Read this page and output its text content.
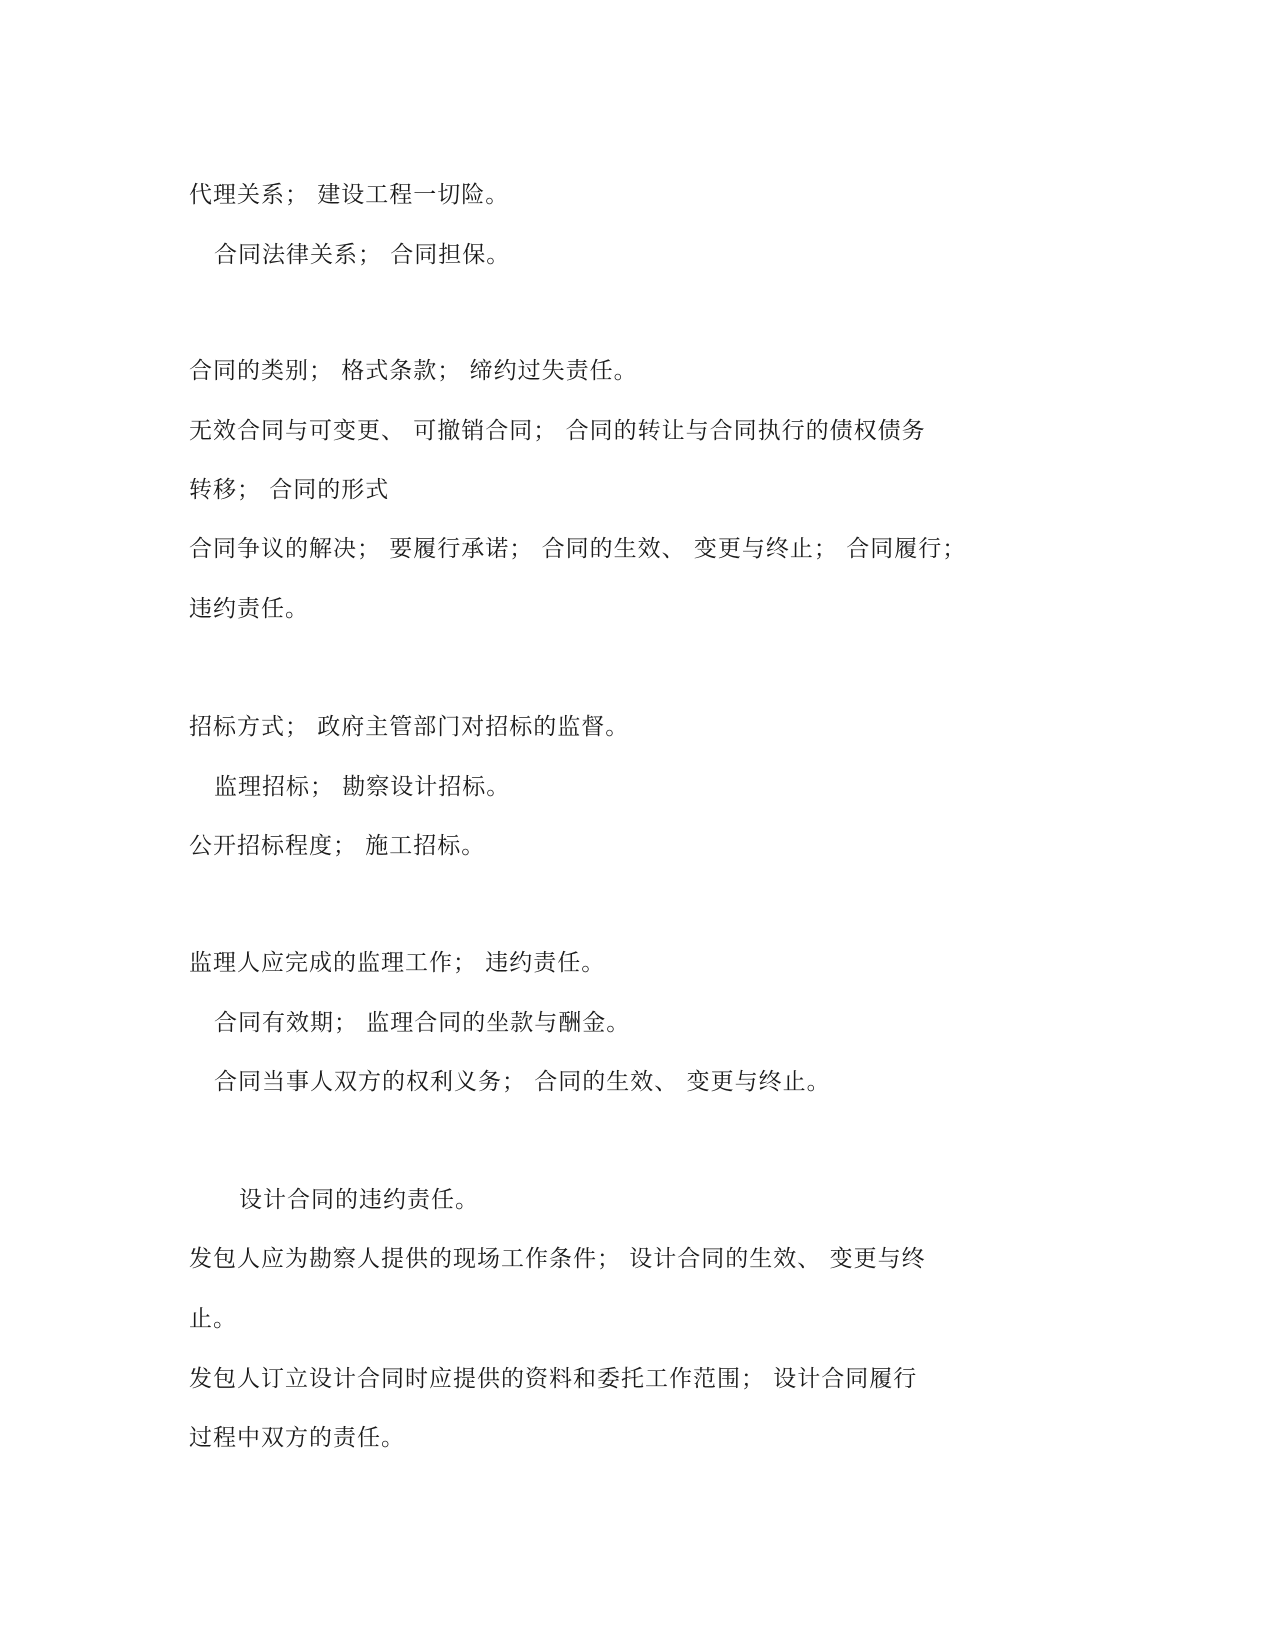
代理关系； 建设工程一切险。
合同法律关系； 合同担保。
合同的类别； 格式条款； 缔约过失责任。
无效合同与可变更、 可撤销合同； 合同的转让与合同执行的债权债务
转移； 合同的形式
合同争议的解决； 要履行承诺； 合同的生效、 变更与终止； 合同履行；
违约责任。
招标方式； 政府主管部门对招标的监督。
监理招标； 勘察设计招标。
公开招标程度； 施工招标。
监理人应完成的监理工作； 违约责任。
合同有效期； 监理合同的坐款与酬金。
合同当事人双方的权利义务； 合同的生效、 变更与终止。
设计合同的违约责任。
发包人应为勘察人提供的现场工作条件； 设计合同的生效、 变更与终
止。
发包人订立设计合同时应提供的资料和委托工作范围； 设计合同履行
过程中双方的责任。
